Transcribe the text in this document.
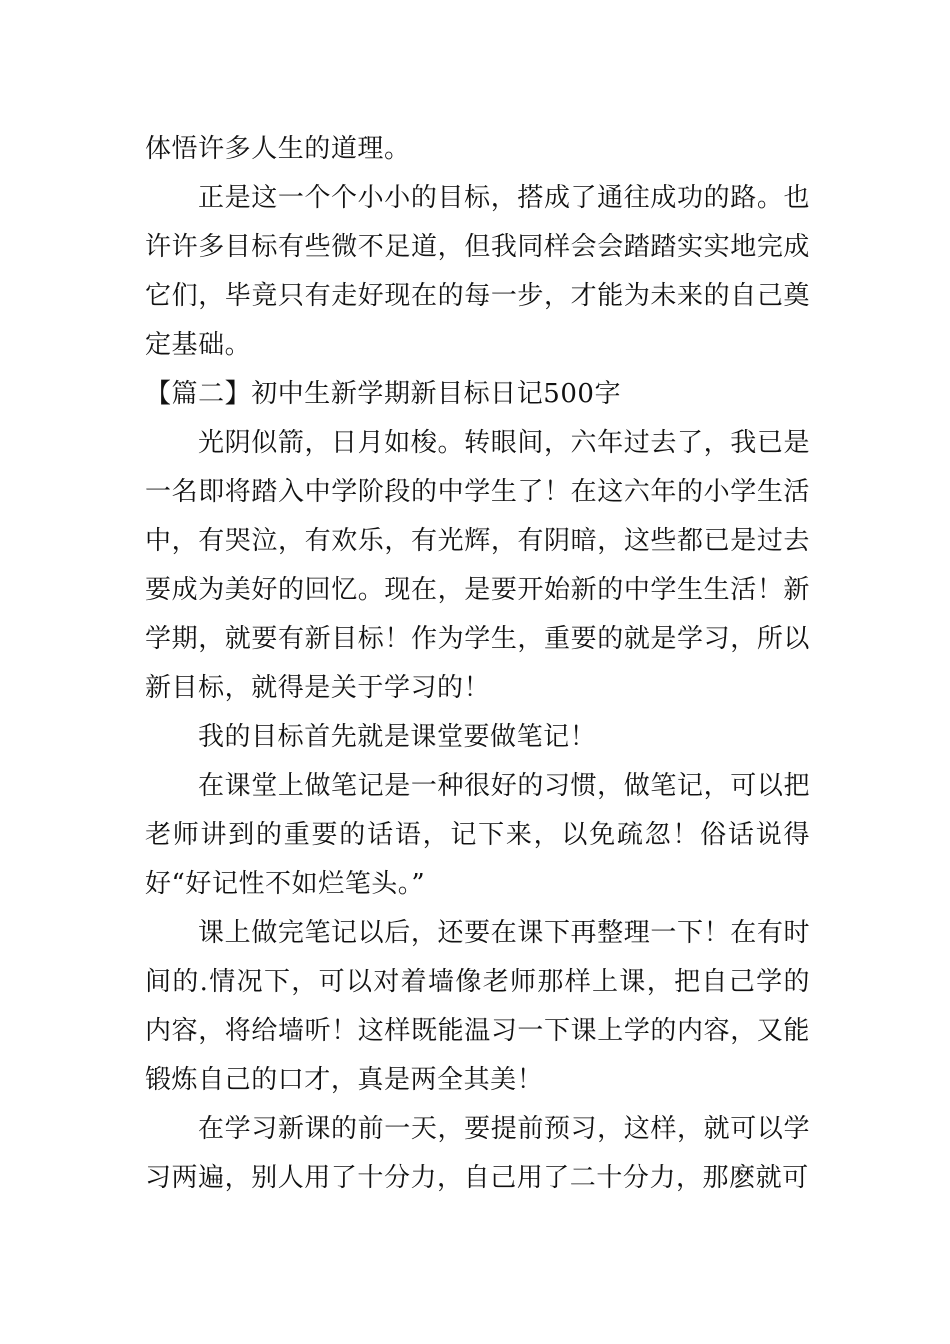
体悟许多人生的道理。

正是这一个个小小的目标，搭成了通往成功的路。也许许多目标有些微不足道，但我同样会会踏踏实实地完成它们，毕竟只有走好现在的每一步，才能为未来的自己奠定基础。

【篇二】初中生新学期新目标日记500字

光阴似箭，日月如梭。转眼间，六年过去了，我已是一名即将踏入中学阶段的中学生了！在这六年的小学生活中，有哭泣，有欢乐，有光辉，有阴暗，这些都已是过去要成为美好的回忆。现在，是要开始新的中学生生活！新学期，就要有新目标！作为学生，重要的就是学习，所以新目标，就得是关于学习的！

我的目标首先就是课堂要做笔记！

在课堂上做笔记是一种很好的习惯，做笔记，可以把老师讲到的重要的话语，记下来，以免疏忽！俗话说得好“好记性不如烂笔头。”

课上做完笔记以后，还要在课下再整理一下！在有时间的.情况下，可以对着墙像老师那样上课，把自己学的内容，将给墙听！这样既能温习一下课上学的内容，又能锻炼自己的口才，真是两全其美！

在学习新课的前一天，要提前预习，这样，就可以学习两遍，别人用了十分力，自己用了二十分力，那麽就可
